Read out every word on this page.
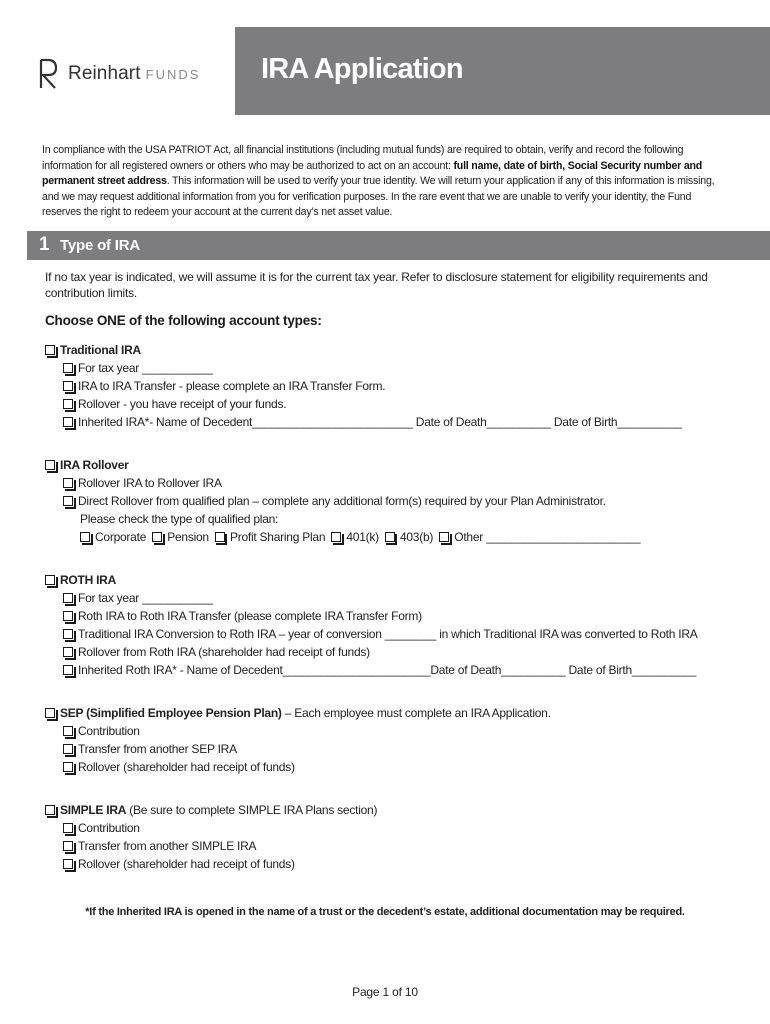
Reinhart FUNDS IRA Application
In compliance with the USA PATRIOT Act, all financial institutions (including mutual funds) are required to obtain, verify and record the following information for all registered owners or others who may be authorized to act on an account: full name, date of birth, Social Security number and permanent street address. This information will be used to verify your true identity. We will return your application if any of this information is missing, and we may request additional information from you for verification purposes. In the rare event that we are unable to verify your identity, the Fund reserves the right to redeem your account at the current day’s net asset value.
1 Type of IRA
If no tax year is indicated, we will assume it is for the current tax year. Refer to disclosure statement for eligibility requirements and contribution limits.
Choose ONE of the following account types:
Traditional IRA
For tax year ___________
IRA to IRA Transfer - please complete an IRA Transfer Form.
Rollover - you have receipt of your funds.
Inherited IRA*- Name of Decedent_________________________ Date of Death__________ Date of Birth__________
IRA Rollover
Rollover IRA to Rollover IRA
Direct Rollover from qualified plan – complete any additional form(s) required by your Plan Administrator.
Please check the type of qualified plan:
Corporate Pension Profit Sharing Plan 401(k) 403(b) Other ________________________
ROTH IRA
For tax year ___________
Roth IRA to Roth IRA Transfer (please complete IRA Transfer Form)
Traditional IRA Conversion to Roth IRA – year of conversion ________ in which Traditional IRA was converted to Roth IRA
Rollover from Roth IRA (shareholder had receipt of funds)
Inherited Roth IRA* - Name of Decedent_______________________Date of Death__________ Date of Birth__________
SEP (Simplified Employee Pension Plan) – Each employee must complete an IRA Application.
Contribution
Transfer from another SEP IRA
Rollover (shareholder had receipt of funds)
SIMPLE IRA (Be sure to complete SIMPLE IRA Plans section)
Contribution
Transfer from another SIMPLE IRA
Rollover (shareholder had receipt of funds)
*If the Inherited IRA is opened in the name of a trust or the decedent’s estate, additional documentation may be required.
Page 1 of 10
